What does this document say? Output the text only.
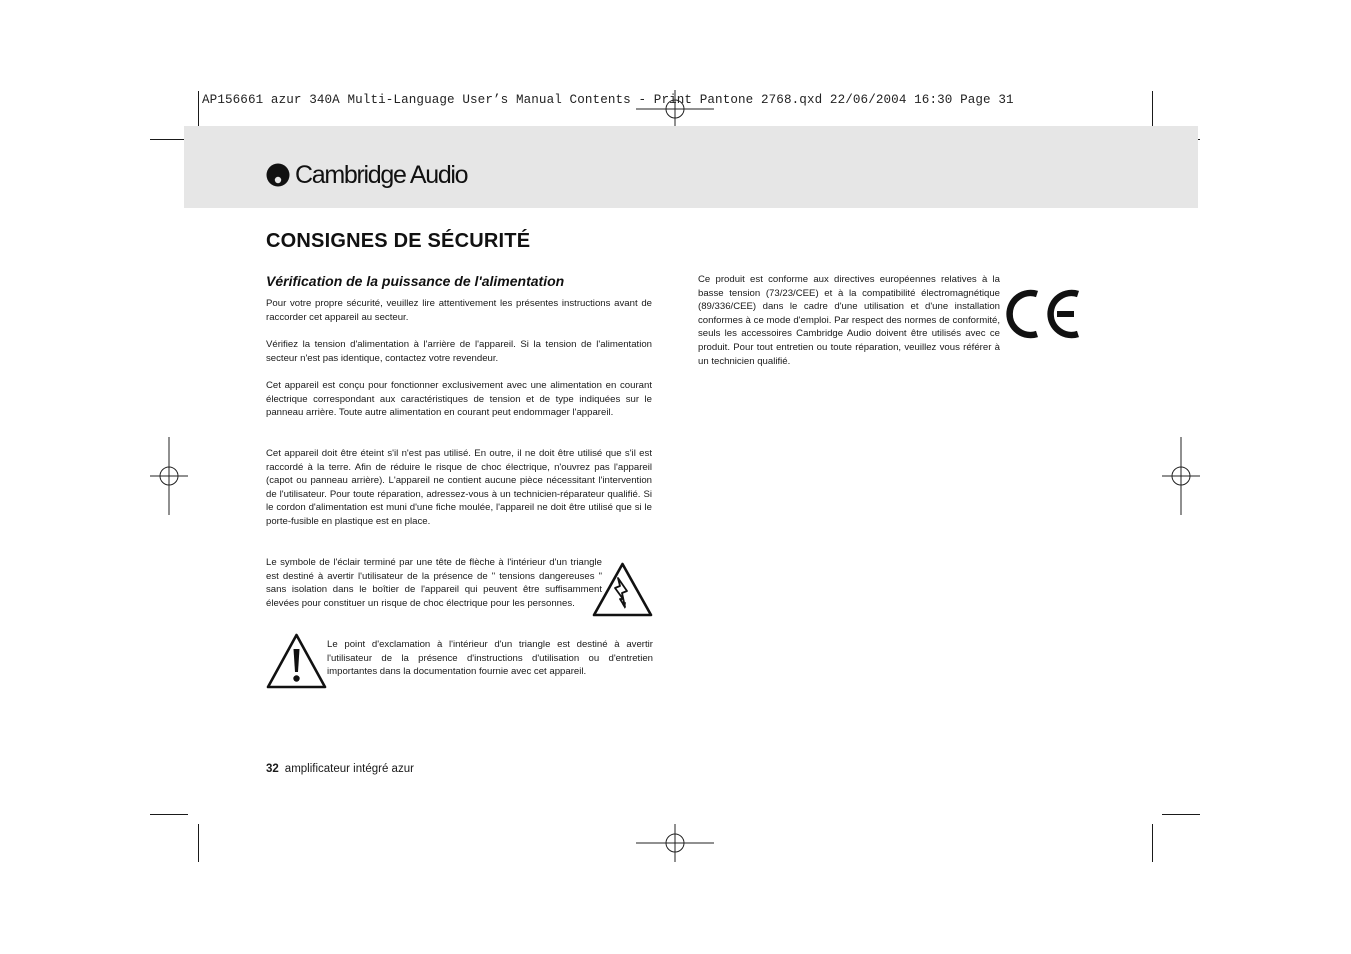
AP156661 azur 340A Multi-Language User’s Manual Contents - Print Pantone 2768.qxd 22/06/2004 16:30 Page 31
Cambridge Audio
CONSIGNES DE SÉCURITÉ
Vérification de la puissance de l'alimentation

Pour votre propre sécurité, veuillez lire attentivement les présentes instructions avant de raccorder cet appareil au secteur.

Vérifiez la tension d'alimentation à l'arrière de l'appareil. Si la tension de l'alimentation secteur n'est pas identique, contactez votre revendeur.

Cet appareil est conçu pour fonctionner exclusivement avec une alimentation en courant électrique correspondant aux caractéristiques de tension et de type indiquées sur le panneau arrière. Toute autre alimentation en courant peut endommager l'appareil.

Cet appareil doit être éteint s'il n'est pas utilisé. En outre, il ne doit être utilisé que s'il est raccordé à la terre. Afin de réduire le risque de choc électrique, n'ouvrez pas l'appareil (capot ou panneau arrière). L'appareil ne contient aucune pièce nécessitant l'intervention de l'utilisateur. Pour toute réparation, adressez-vous à un technicien-réparateur qualifié. Si le cordon d'alimentation est muni d'une fiche moulée, l'appareil ne doit être utilisé que si le porte-fusible en plastique est en place.

Le symbole de l'éclair terminé par une tête de flèche à l'intérieur d'un triangle est destiné à avertir l'utilisateur de la présence de " tensions dangereuses " sans isolation dans le boîtier de l'appareil qui peuvent être suffisamment élevées pour constituer un risque de choc électrique pour les personnes.

Le point d'exclamation à l'intérieur d'un triangle est destiné à avertir l'utilisateur de la présence d'instructions d'utilisation ou d'entretien importantes dans la documentation fournie avec cet appareil.

Ce produit est conforme aux directives européennes relatives à la basse tension (73/23/CEE) et à la compatibilité électromagnétique (89/336/CEE) dans le cadre d'une utilisation et d'une installation conformes à ce mode d'emploi. Par respect des normes de conformité, seuls les accessoires Cambridge Audio doivent être utilisés avec ce produit. Pour tout entretien ou toute réparation, veuillez vous référer à un technicien qualifié.

32 amplificateur intégré azur
